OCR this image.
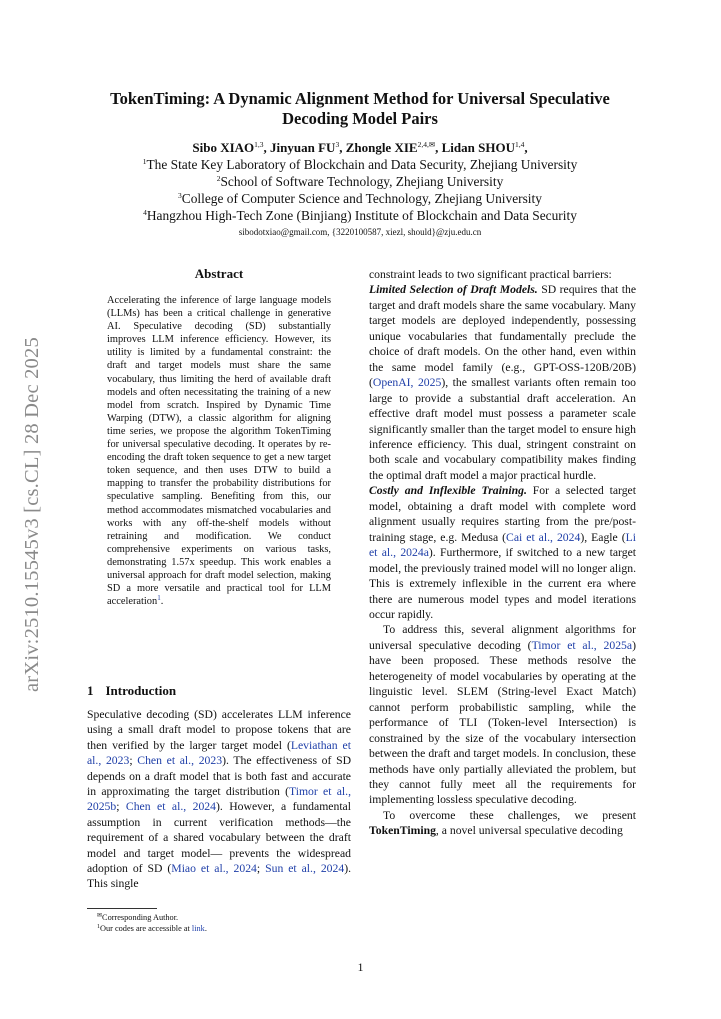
arXiv:2510.15545v3 [cs.CL] 28 Dec 2025
TokenTiming: A Dynamic Alignment Method for Universal Speculative
Decoding Model Pairs
Sibo XIAO$^{1,3}$, Jinyuan $FU^3$, Zhongle $XIE^{2,4,✉}$, Lidan SHOU$^{1,4}$,
$^1$The State Key Laboratory of Blockchain and Data Security, Zhejiang University
$^2$School of Software Technology, Zhejiang University
$^3$College of Computer Science and Technology, Zhejiang University
$^4$Hangzhou High-Tech Zone (Binjiang) Institute of Blockchain and Data Security
sibodotxiao@gmail.com, {3220100587, xiezl, should}@zju.edu.cn
Abstract

Accelerating the inference of large language models (LLMs) has been a critical challenge in generative AI. Speculative decoding (SD) substantially improves LLM inference efficiency. However, its utility is limited by a fundamental constraint: the draft and target models must share the same vocabulary, thus limiting the herd of available draft models and often necessitating the training of a new model from scratch. Inspired by Dynamic Time Warping (DTW), a classic algorithm for aligning time series, we propose the algorithm TokenTiming for universal speculative decoding. It operates by re-encoding the draft token sequence to get a new target token sequence, and then uses DTW to build a mapping to transfer the probability distributions for speculative sampling. Benefiting from this, our method accommodates mismatched vocabularies and works with any off-the-shelf models without retraining and modification. We conduct comprehensive experiments on various tasks, demonstrating 1.57x speedup. This work enables a universal approach for draft model selection, making SD a more versatile and practical tool for LLM acceleration$^1$.

1 Introduction

Speculative decoding (SD) accelerates LLM inference using a small draft model to propose tokens that are then verified by the larger target model (Leviathan et al., 2023; Chen et al., 2023). The effectiveness of SD depends on a draft model that is both fast and accurate in approximating the target distribution (Timor et al., 2025b; Chen et al., 2024). However, a fundamental assumption in current verification methods—the requirement of a shared vocabulary between the draft model and target model— prevents the widespread adoption of SD (Miao et al., 2024; Sun et al., 2024). This single

✉Corresponding Author.
$^1$Our codes are accessible at link.

constraint leads to two significant practical barriers:

Limited Selection of Draft Models. SD requires that the target and draft models share the same vocabulary. Many target models are deployed independently, possessing unique vocabularies that fundamentally preclude the choice of draft models. On the other hand, even within the same model family (e.g., GPT-OSS-120B/20B) (OpenAI, 2025), the smallest variants often remain too large to provide a substantial draft acceleration. An effective draft model must possess a parameter scale significantly smaller than the target model to ensure high inference efficiency. This dual, stringent constraint on both scale and vocabulary compatibility makes finding the optimal draft model a major practical hurdle.

Costly and Inflexible Training. For a selected target model, obtaining a draft model with complete word alignment usually requires starting from the pre/post-training stage, e.g. Medusa (Cai et al., 2024), Eagle (Li et al., 2024a). Furthermore, if switched to a new target model, the previously trained model will no longer align. This is extremely inflexible in the current era where there are numerous model types and model iterations occur rapidly.

To address this, several alignment algorithms for universal speculative decoding (Timor et al., 2025a) have been proposed. These methods resolve the heterogeneity of model vocabularies by operating at the linguistic level. SLEM (String-level Exact Match) cannot perform probabilistic sampling, while the performance of TLI (Token-level Intersection) is constrained by the size of the vocabulary intersection between the draft and target models. In conclusion, these methods have only partially alleviated the problem, but they cannot fully meet all the requirements for implementing lossless speculative decoding.

To overcome these challenges, we present TokenTiming, a novel universal speculative decoding

1
